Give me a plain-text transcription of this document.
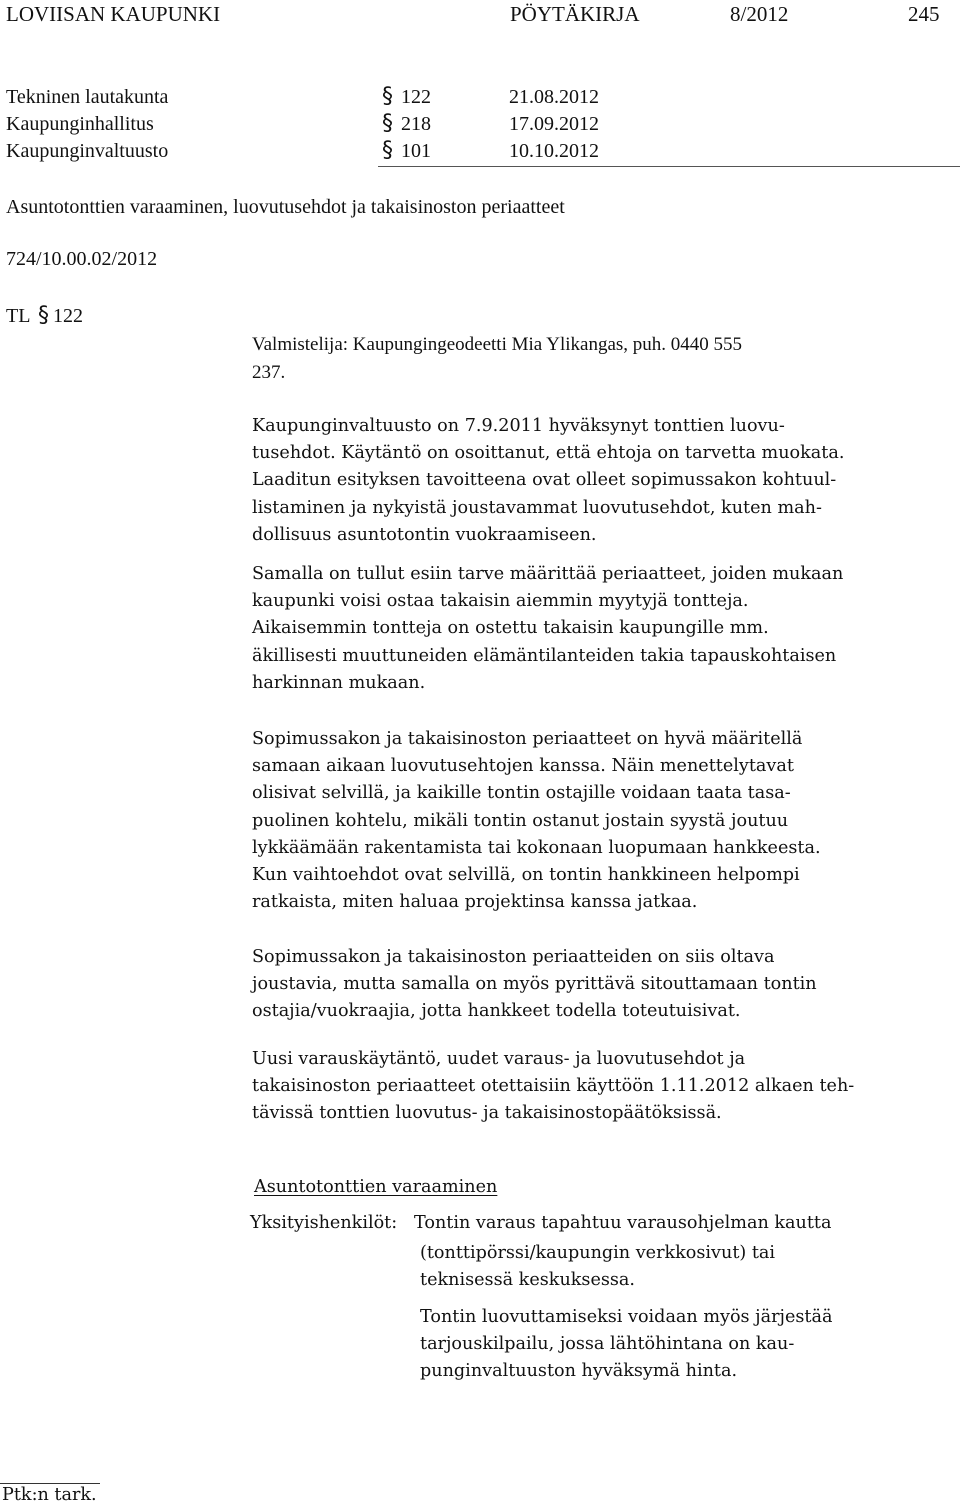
LOVIISAN KAUPUNKI	PÖYTÄKIRJA	8/2012	245
Tekninen lautakunta	§ 122	21.08.2012
Kaupunginhallitus	§ 218	17.09.2012
Kaupunginvaltuusto	§ 101	10.10.2012
Asuntotonttien varaaminen, luovutusehdot ja takaisinoston periaatteet
724/10.00.02/2012
TL § 122
Valmistelija: Kaupungingeodeetti Mia Ylikangas, puh. 0440 555
237.
Kaupunginvaltuusto on 7.9.2011 hyväksynyt tonttien luovu-
tusehdot. Käytäntö on osoittanut, että ehtoja on tarvetta muokata.
Laaditun esityksen tavoitteena ovat olleet sopimussakon kohtuul-
listaminen ja nykyistä joustavammat luovutusehdot, kuten mah-
dollisuus asuntotontin vuokraamiseen.
Samalla on tullut esiin tarve määrittää periaatteet, joiden mukaan
kaupunki voisi ostaa takaisin aiemmin myytyjä tontteja.
Aikaisemmin tontteja on ostettu takaisin kaupungille mm.
äkillisesti muuttuneiden elämäntilanteiden takia tapauskohtaisen
harkinnan mukaan.
Sopimussakon ja takaisinoston periaatteet on hyvä määritellä
samaan aikaan luovutusehtojen kanssa. Näin menettelytavat
olisivat selvillä, ja kaikille tontin ostajille voidaan taata tasa-
puolinen kohtelu, mikäli tontin ostanut jostain syystä joutuu
lykkäämään rakentamista tai kokonaan luopumaan hankkeesta.
Kun vaihtoehdot ovat selvillä, on tontin hankkineen helpompi
ratkaista, miten haluaa projektinsa kanssa jatkaa.
Sopimussakon ja takaisinoston periaatteiden on siis oltava
joustavia, mutta samalla on myös pyrittävä sitouttamaan tontin
ostajia/vuokraajia, jotta hankkeet todella toteutuisivat.
Uusi varauskäytäntö, uudet varaus- ja luovutusehdot ja
takaisinoston periaatteet otettaisiin käyttöön 1.11.2012 alkaen teh-
tävissä tonttien luovutus- ja takaisinostopäätöksissä.
Asuntotonttien varaaminen
Yksityishenkilöt: Tontin varaus tapahtuu varausohjelman kautta
(tonttipörssi/kaupungin verkkosivut) tai
teknisessä keskuksessa.
Tontin luovuttamiseksi voidaan myös järjestää
tarjouskilpailu, jossa lähtöhintana on kau-
punginvaltuuston hyväksymä hinta.
Ptk:n tark.
